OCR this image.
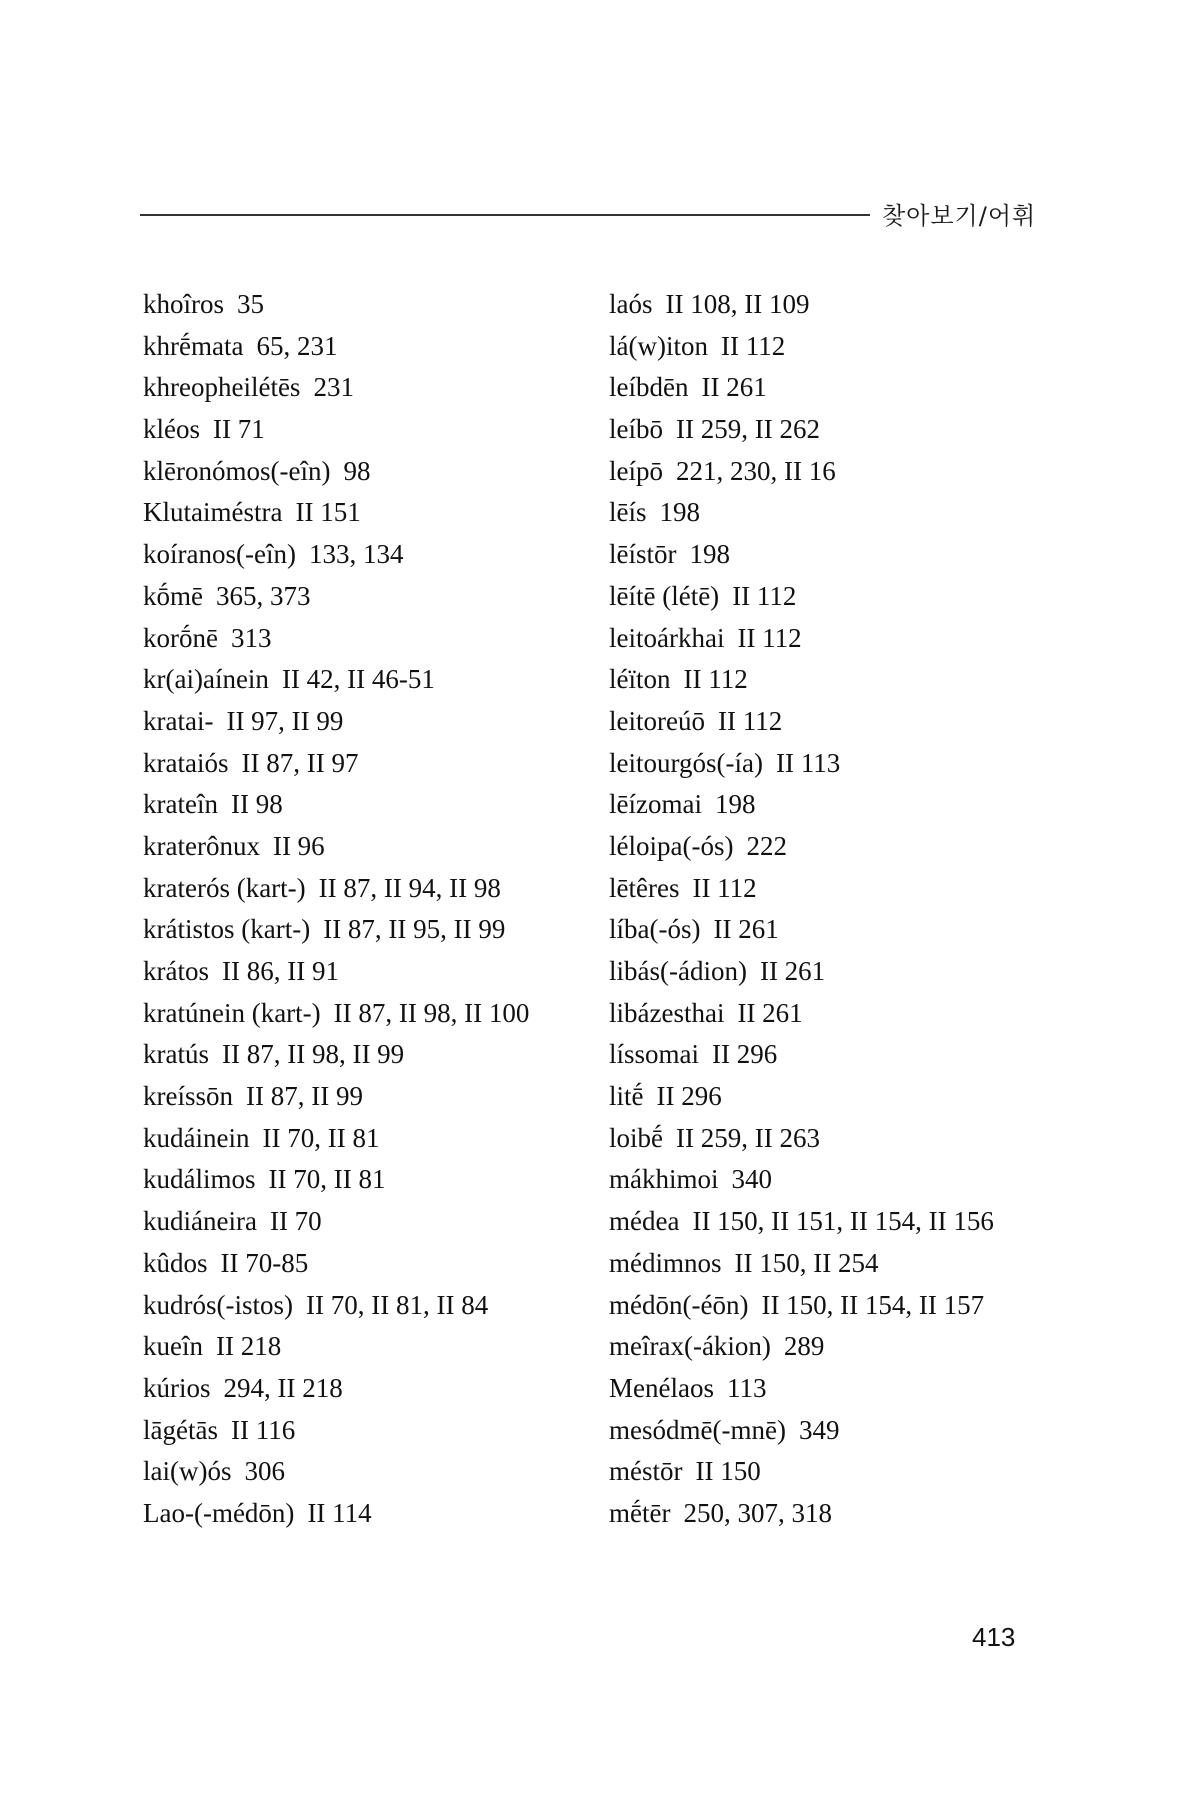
찾아보기/어휘
khoîros 35
khrḗmata 65, 231
khreopheilétēs 231
kléos II 71
klēronómos(-eîn) 98
Klutaiméstra II 151
koíranos(-eîn) 133, 134
kṓmē 365, 373
korṓnē 313
kr(ai)aínein II 42, II 46-51
kratai- II 97, II 99
krataiós II 87, II 97
krateîn II 98
kraterônux II 96
kraterós (kart-) II 87, II 94, II 98
krátistos (kart-) II 87, II 95, II 99
krátos II 86, II 91
kratúnein (kart-) II 87, II 98, II 100
kratús II 87, II 98, II 99
kreíssōn II 87, II 99
kudáinein II 70, II 81
kudálimos II 70, II 81
kudiáneira II 70
kûdos II 70-85
kudrós(-istos) II 70, II 81, II 84
kueîn II 218
kúrios 294, II 218
lāgétās II 116
lai(w)ós 306
Lao-(-médōn) II 114
laós II 108, II 109
lá(w)iton II 112
leíbdēn II 261
leíbō II 259, II 262
leípō 221, 230, II 16
lēís 198
lēístōr 198
lēítē (létē) II 112
leitoárkhai II 112
léïton II 112
leitoreúō II 112
leitourgós(-ía) II 113
lēízomai 198
léloipa(-ós) 222
lētêres II 112
líba(-ós) II 261
libás(-ádion) II 261
libázesthai II 261
líssomai II 296
litḗ II 296
loibḗ II 259, II 263
mákhimoi 340
médea II 150, II 151, II 154, II 156
médimnos II 150, II 254
médōn(-éōn) II 150, II 154, II 157
meîrax(-ákion) 289
Menélaos 113
mesódmē(-mnē) 349
méstōr II 150
mḗtēr 250, 307, 318
413
